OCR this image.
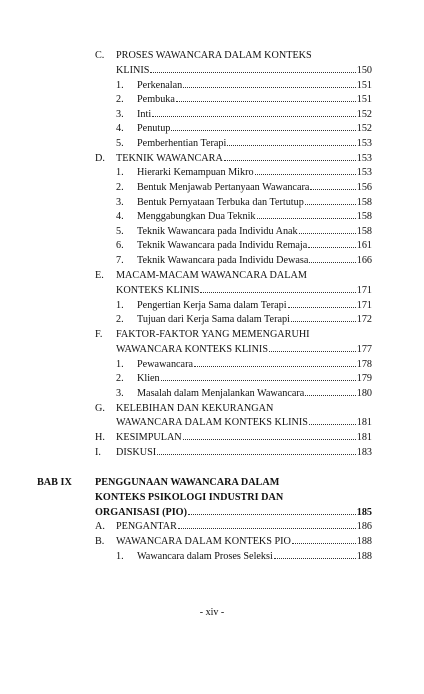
C. PROSES WAWANCARA DALAM KONTEKS
KLINIS	150
1. Perkenalan	151
2. Pembuka	151
3. Inti	152
4. Penutup	152
5. Pemberhentian Terapi	153
D. TEKNIK WAWANCARA	153
1. Hierarki Kemampuan Mikro	153
2. Bentuk Menjawab Pertanyaan Wawancara	156
3. Bentuk Pernyataan Terbuka dan Tertutup	158
4. Menggabungkan Dua Teknik	158
5. Teknik Wawancara pada Individu Anak	158
6. Teknik Wawancara pada Individu Remaja	161
7. Teknik Wawancara pada Individu Dewasa	166
E. MACAM-MACAM WAWANCARA DALAM
KONTEKS KLINIS	171
1. Pengertian Kerja Sama dalam Terapi	171
2. Tujuan dari Kerja Sama dalam Terapi	172
F. FAKTOR-FAKTOR YANG MEMENGARUHI
WAWANCARA KONTEKS KLINIS	177
1. Pewawancara	178
2. Klien	179
3. Masalah dalam Menjalankan Wawancara	180
G. KELEBIHAN DAN KEKURANGAN
WAWANCARA DALAM KONTEKS KLINIS	181
H. KESIMPULAN	181
I. DISKUSI	183
BAB IX PENGGUNAAN WAWANCARA DALAM
KONTEKS PSIKOLOGI INDUSTRI DAN
ORGANISASI (PIO)	185
A. PENGANTAR	186
B. WAWANCARA DALAM KONTEKS PIO	188
1. Wawancara dalam Proses Seleksi	188
- xiv -
